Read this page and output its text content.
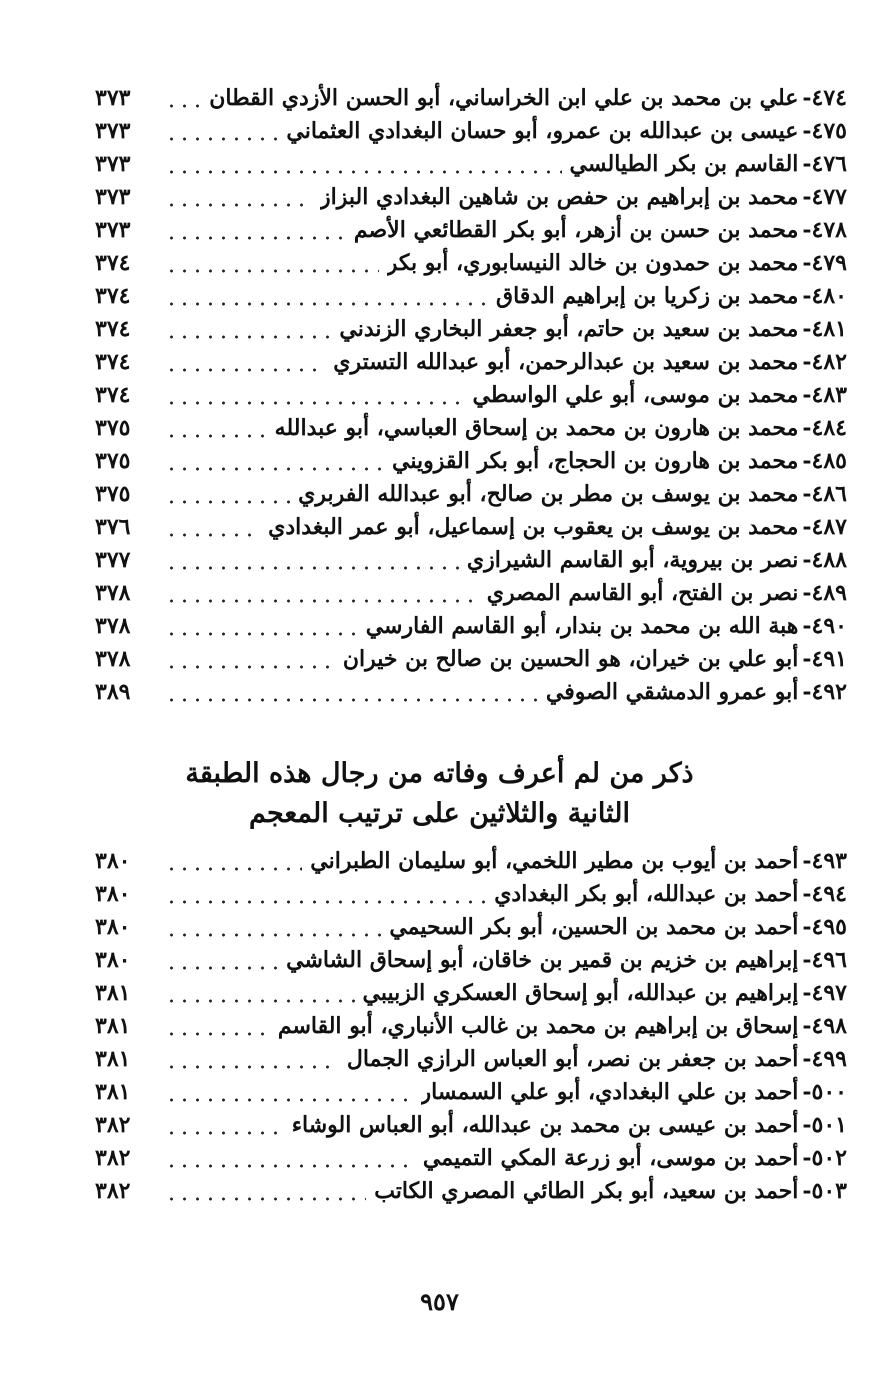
٤٧٤-
علي بن محمد بن علي ابن الخراساني، أبو الحسن الأزدي القطان
٣٧٣
٤٧٥-
عيسى بن عبدالله بن عمرو، أبو حسان البغدادي العثماني
٣٧٣
٤٧٦-
القاسم بن بكر الطيالسي
٣٧٣
٤٧٧-
محمد بن إبراهيم بن حفص بن شاهين البغدادي البزاز
٣٧٣
٤٧٨-
محمد بن حسن بن أزهر، أبو بكر القطائعي الأصم
٣٧٣
٤٧٩-
محمد بن حمدون بن خالد النيسابوري، أبو بكر
٣٧٤
٤٨٠-
محمد بن زكريا بن إبراهيم الدقاق
٣٧٤
٤٨١-
محمد بن سعيد بن حاتم، أبو جعفر البخاري الزندني
٣٧٤
٤٨٢-
محمد بن سعيد بن عبدالرحمن، أبو عبدالله التستري
٣٧٤
٤٨٣-
محمد بن موسى، أبو علي الواسطي
٣٧٤
٤٨٤-
محمد بن هارون بن محمد بن إسحاق العباسي، أبو عبدالله
٣٧٥
٤٨٥-
محمد بن هارون بن الحجاج، أبو بكر القزويني
٣٧٥
٤٨٦-
محمد بن يوسف بن مطر بن صالح، أبو عبدالله الفربري
٣٧٥
٤٨٧-
محمد بن يوسف بن يعقوب بن إسماعيل، أبو عمر البغدادي
٣٧٦
٤٨٨-
نصر بن بيروية، أبو القاسم الشيرازي
٣٧٧
٤٨٩-
نصر بن الفتح، أبو القاسم المصري
٣٧٨
٤٩٠-
هبة الله بن محمد بن بندار، أبو القاسم الفارسي
٣٧٨
٤٩١-
أبو علي بن خيران، هو الحسين بن صالح بن خيران
٣٧٨
٤٩٢-
أبو عمرو الدمشقي الصوفي
٣٨٩
ذكر من لم أعرف وفاته من رجال هذه الطبقة
الثانية والثلاثين على ترتيب المعجم
٤٩٣-
أحمد بن أيوب بن مطير اللخمي، أبو سليمان الطبراني
٣٨٠
٤٩٤-
أحمد بن عبدالله، أبو بكر البغدادي
٣٨٠
٤٩٥-
أحمد بن محمد بن الحسين، أبو بكر السحيمي
٣٨٠
٤٩٦-
إبراهيم بن خزيم بن قمير بن خاقان، أبو إسحاق الشاشي
٣٨٠
٤٩٧-
إبراهيم بن عبدالله، أبو إسحاق العسكري الزبيبي
٣٨١
٤٩٨-
إسحاق بن إبراهيم بن محمد بن غالب الأنباري، أبو القاسم
٣٨١
٤٩٩-
أحمد بن جعفر بن نصر، أبو العباس الرازي الجمال
٣٨١
٥٠٠-
أحمد بن علي البغدادي، أبو علي السمسار
٣٨١
٥٠١-
أحمد بن عيسى بن محمد بن عبدالله، أبو العباس الوشاء
٣٨٢
٥٠٢-
أحمد بن موسى، أبو زرعة المكي التميمي
٣٨٢
٥٠٣-
أحمد بن سعيد، أبو بكر الطائي المصري الكاتب
٣٨٢
٩٥٧
